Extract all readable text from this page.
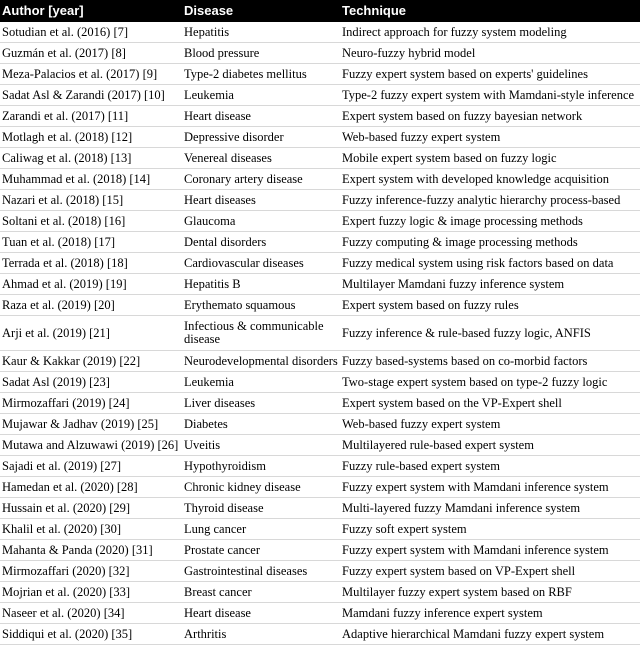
Author [year]	Disease	Technique
Sotudian et al. (2016) [7]	Hepatitis	Indirect approach for fuzzy system modeling
Guzmán et al. (2017) [8]	Blood pressure	Neuro-fuzzy hybrid model
Meza-Palacios et al. (2017) [9]	Type-2 diabetes mellitus	Fuzzy expert system based on experts' guidelines
Sadat Asl & Zarandi (2017) [10]	Leukemia	Type-2 fuzzy expert system with Mamdani-style inference
Zarandi et al. (2017) [11]	Heart disease	Expert system based on fuzzy bayesian network
Motlagh et al. (2018) [12]	Depressive disorder	Web-based fuzzy expert system
Caliwag et al. (2018) [13]	Venereal diseases	Mobile expert system based on fuzzy logic
Muhammad et al. (2018) [14]	Coronary artery disease	Expert system with developed knowledge acquisition
Nazari et al. (2018) [15]	Heart diseases	Fuzzy inference-fuzzy analytic hierarchy process-based
Soltani et al. (2018) [16]	Glaucoma	Expert fuzzy logic & image processing methods
Tuan et al. (2018) [17]	Dental disorders	Fuzzy computing & image processing methods
Terrada et al. (2018) [18]	Cardiovascular diseases	Fuzzy medical system using risk factors based on data
Ahmad et al. (2019) [19]	Hepatitis B	Multilayer Mamdani fuzzy inference system
Raza et al. (2019) [20]	Erythemato squamous	Expert system based on fuzzy rules
Arji et al. (2019) [21]	Infectious & communicable disease	Fuzzy inference & rule-based fuzzy logic, ANFIS
Kaur & Kakkar (2019) [22]	Neurodevelopmental disorders	Fuzzy based-systems based on co-morbid factors
Sadat Asl (2019) [23]	Leukemia	Two-stage expert system based on type-2 fuzzy logic
Mirmozaffari (2019) [24]	Liver diseases	Expert system based on the VP-Expert shell
Mujawar & Jadhav (2019) [25]	Diabetes	Web-based fuzzy expert system
Mutawa and Alzuwawi (2019) [26]	Uveitis	Multilayered rule-based expert system
Sajadi et al. (2019) [27]	Hypothyroidism	Fuzzy rule-based expert system
Hamedan et al. (2020) [28]	Chronic kidney disease	Fuzzy expert system with Mamdani inference system
Hussain et al. (2020) [29]	Thyroid disease	Multi-layered fuzzy Mamdani inference system
Khalil et al. (2020) [30]	Lung cancer	Fuzzy soft expert system
Mahanta & Panda (2020) [31]	Prostate cancer	Fuzzy expert system with Mamdani inference system
Mirmozaffari (2020) [32]	Gastrointestinal diseases	Fuzzy expert system based on VP-Expert shell
Mojrian et al. (2020) [33]	Breast cancer	Multilayer fuzzy expert system based on RBF
Naseer et al. (2020) [34]	Heart disease	Mamdani fuzzy inference expert system
Siddiqui et al. (2020) [35]	Arthritis	Adaptive hierarchical Mamdani fuzzy expert system
